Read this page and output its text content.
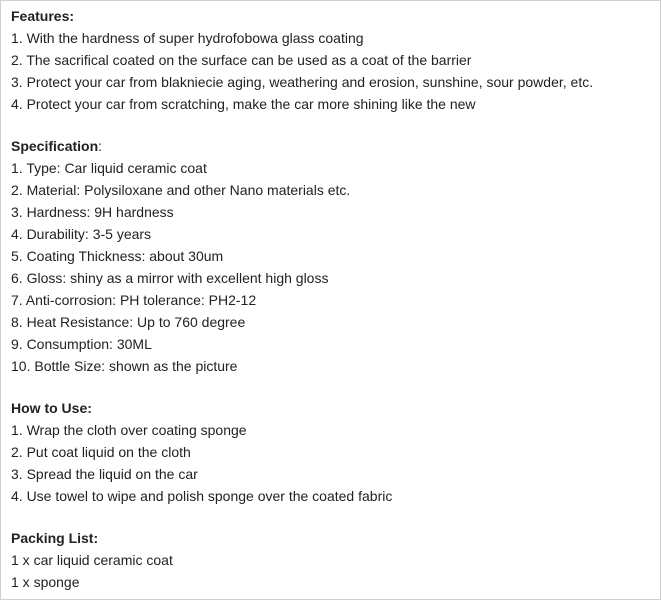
Features:
1. With the hardness of super hydrofobowa glass coating
2. The sacrifical coated on the surface can be used as a coat of the barrier
3. Protect your car from blakniecie aging, weathering and erosion, sunshine, sour powder, etc.
4. Protect your car from scratching, make the car more shining like the new
Specification:
1. Type: Car liquid ceramic coat
2. Material: Polysiloxane and other Nano materials etc.
3. Hardness: 9H hardness
4. Durability: 3-5 years
5. Coating Thickness: about 30um
6. Gloss: shiny as a mirror with excellent high gloss
7. Anti-corrosion: PH tolerance: PH2-12
8. Heat Resistance: Up to 760 degree
9. Consumption: 30ML
10. Bottle Size: shown as the picture
How to Use:
1. Wrap the cloth over coating sponge
2. Put coat liquid on the cloth
3. Spread the liquid on the car
4. Use towel to wipe and polish sponge over the coated fabric
Packing List:
1 x car liquid ceramic coat
1 x sponge
